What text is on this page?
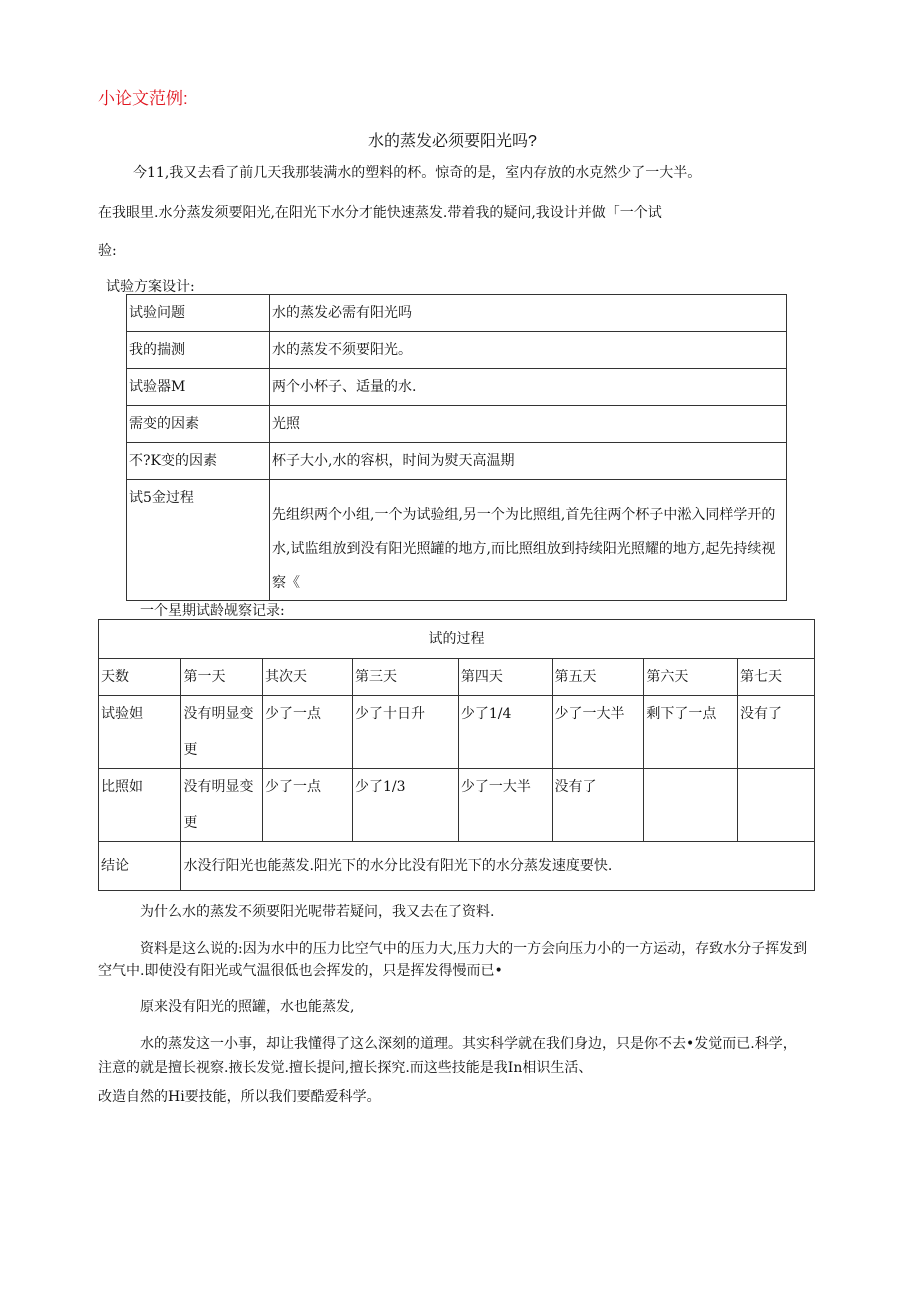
小论文范例:
水的蒸发必须要阳光吗?
今11,我又去看了前几天我那装满水的塑料的杯。惊奇的是，室内存放的水克然少了一大半。
在我眼里.水分蒸发须要阳光,在阳光下水分才能快速蒸发.带着我的疑问,我设计并做「一个试
验:
试验方案设计:
试验问题	水的蒸发必需有阳光吗
我的揣测	水的蒸发不须要阳光。
试验器M	两个小杯子、适量的水.
需变的因素	光照
不?K变的因素	杯子大小,水的容枳，时间为熨天高温期
试5金过程	先组织两个小组,一个为试验组,另一个为比照组,首先往两个杯子中淞入同样学开的水,试监组放到没有阳光照罐的地方,而比照组放到持续阳光照耀的地方,起先持续视察《
一个星期试龄觇察记录:
试的过程							
天数	第一天	其次天	第三天	第四天	第五天	第六天	第七天
试验妲	没有明显变更	少了一点	少了十日升	少了1/4	少了一大半	剩下了一点	没有了
比照如	没有明显变更	少了一点	少了1/3	少了一大半	没有了		
结论	水没行阳光也能蒸发.阳光下的水分比没有阳光下的水分蒸发速度要快.						

为什么水的蒸发不须要阳光呢带若疑问，我又去在了资料.

资料是这么说的:因为水中的压力比空气中的压力大,压力大的一方会向压力小的一方运动，存致水分子挥发到空气中.即使没有阳光或气温很低也会挥发的，只是挥发得慢而已•

原来没有阳光的照罐，水也能蒸发,

水的蒸发这一小事，却让我懂得了这么深刻的道理。其实科学就在我们身边，只是你不去•发觉而已.科学，注意的就是擅长视察.掖长发觉.擅长提问,擅长探究.而这些技能是我In相识生活、

改造自然的Hi要技能，所以我们要酷爱科学。
